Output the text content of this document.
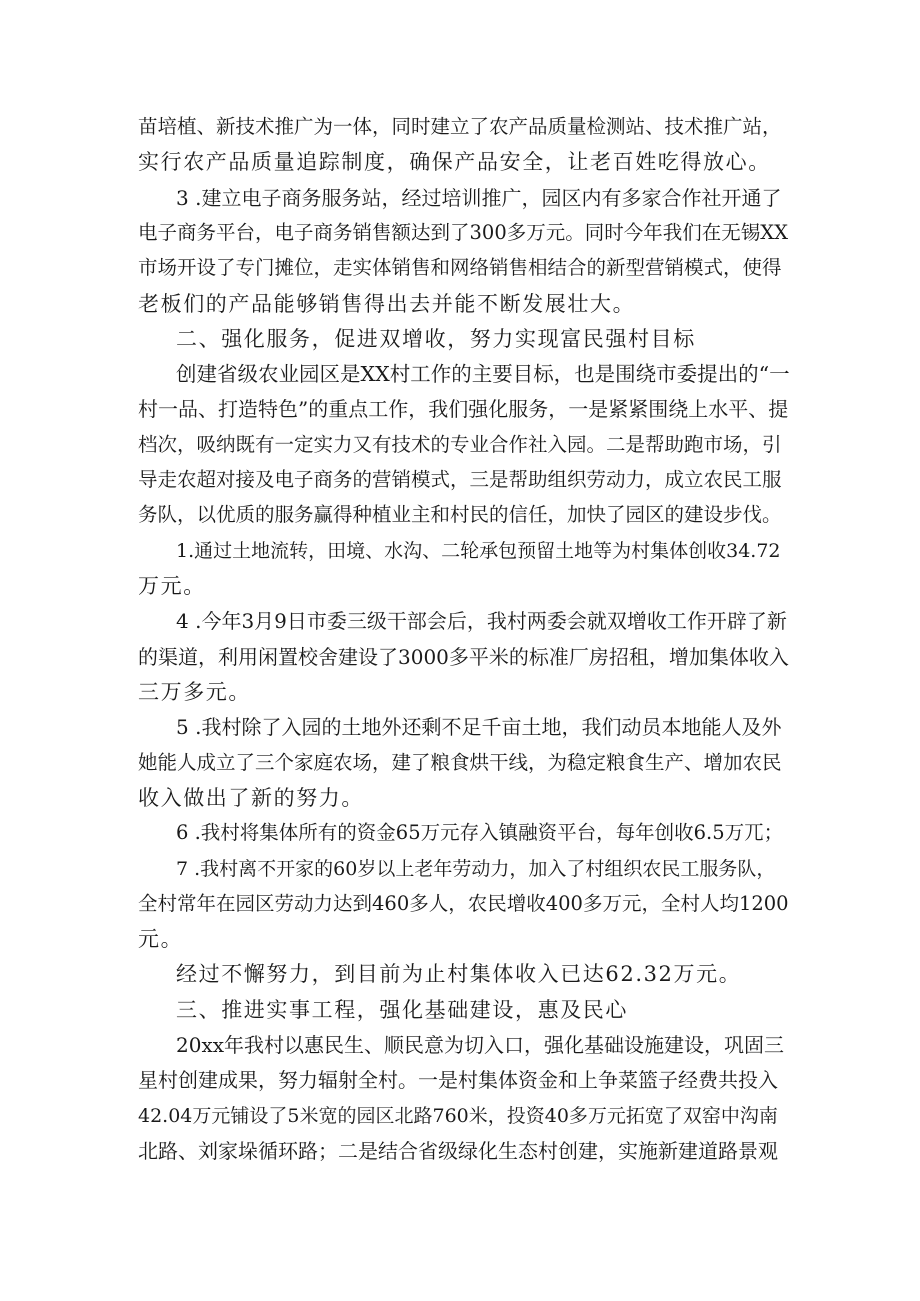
苗培植、新技术推广为一体，同时建立了农产品质量检测站、技术推广站，
实行农产品质量追踪制度，确保产品安全，让老百姓吃得放心。
3 .建立电子商务服务站，经过培训推广，园区内有多家合作社开通了
电子商务平台，电子商务销售额达到了300多万元。同时今年我们在无锡XX
市场开设了专门摊位，走实体销售和网络销售相结合的新型营销模式，使得
老板们的产品能够销售得出去并能不断发展壮大。
二、强化服务，促进双增收，努力实现富民强村目标
创建省级农业园区是XX村工作的主要目标，也是围绕市委提出的“一
村一品、打造特色”的重点工作，我们强化服务，一是紧紧围绕上水平、提
档次，吸纳既有一定实力又有技术的专业合作社入园。二是帮助跑市场，引
导走农超对接及电子商务的营销模式，三是帮助组织劳动力，成立农民工服
务队，以优质的服务赢得种植业主和村民的信任，加快了园区的建设步伐。
1.通过土地流转，田境、水沟、二轮承包预留土地等为村集体创收34.72
万元。
4 .今年3月9日市委三级干部会后，我村两委会就双增收工作开辟了新
的渠道，利用闲置校舍建设了3000多平米的标准厂房招租，增加集体收入
三万多元。
5 .我村除了入园的土地外还剩不足千亩土地，我们动员本地能人及外
她能人成立了三个家庭农场，建了粮食烘干线，为稳定粮食生产、增加农民
收入做出了新的努力。
6 .我村将集体所有的资金65万元存入镇融资平台，每年创收6.5万兀；
7 .我村离不开家的60岁以上老年劳动力，加入了村组织农民工服务队，
全村常年在园区劳动力达到460多人，农民增收400多万元，全村人均1200
元。
经过不懈努力，到目前为止村集体收入已达62.32万元。
三、推进实事工程，强化基础建设，惠及民心
20xx年我村以惠民生、顺民意为切入口，强化基础设施建设，巩固三
星村创建成果，努力辐射全村。一是村集体资金和上争菜篮子经费共投入
42.04万元铺设了5米宽的园区北路760米，投资40多万元拓宽了双窑中沟南
北路、刘家垛循环路；二是结合省级绿化生态村创建，实施新建道路景观
